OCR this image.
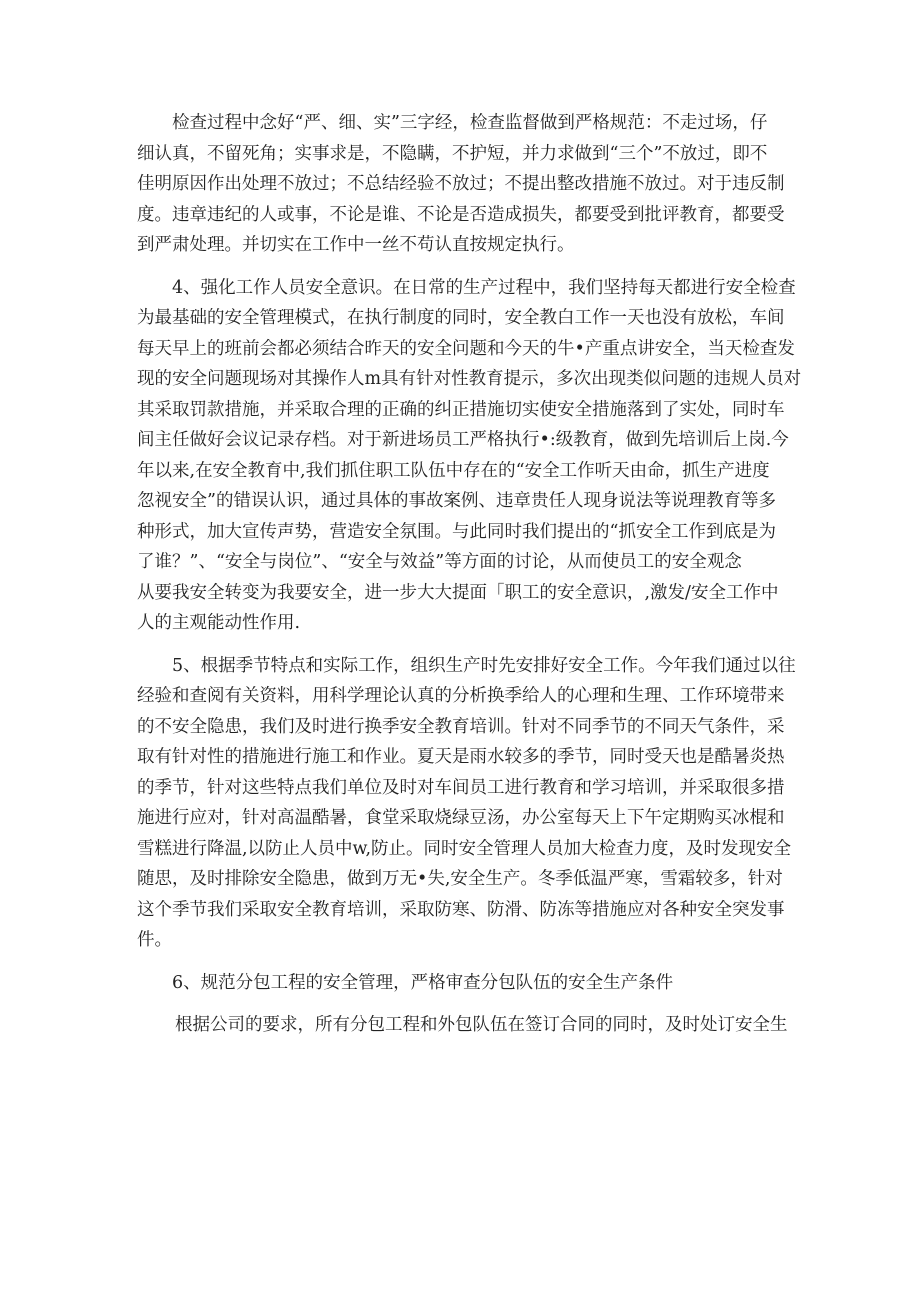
检查过程中念好“严、细、实”三字经，检查监督做到严格规范：不走过场，仔
细认真，不留死角；实事求是，不隐瞒，不护短，并力求做到“三个”不放过，即不
佳明原因作出处理不放过；不总结经验不放过；不提出整改措施不放过。对于违反制
度。违章违纪的人或事，不论是谁、不论是否造成损失，都要受到批评教育，都要受
到严肃处理。并切实在工作中一丝不苟认直按规定执行。
4、强化工作人员安全意识。在日常的生产过程中，我们坚持每天都进行安全检查
为最基础的安全管理模式，在执行制度的同时，安全教白工作一天也没有放松，车间
每天早上的班前会都必须结合昨天的安全问题和今天的牛•产重点讲安全，当天检查发
现的安全问题现场对其操作人m具有针对性教育提示，多次出现类似问题的违规人员对
其采取罚款措施，并采取合理的正确的纠正措施切实使安全措施落到了实处，同时车
间主任做好会议记录存档。对于新进场员工严格执行•:级教育，做到先培训后上岗.今
年以来,在安全教育中,我们抓住职工队伍中存在的“安全工作听天由命，抓生产进度
忽视安全”的错误认识，通过具体的事故案例、违章贵任人现身说法等说理教育等多
种形式，加大宣传声势，营造安全氛围。与此同时我们提出的“抓安全工作到底是为
了谁？”、“安全与岗位”、“安全与效益”等方面的讨论，从而使员工的安全观念
从要我安全转变为我要安全，进一步大大提面「职工的安全意识，,激发/安全工作中
人的主观能动性作用.
5、根据季节特点和实际工作，组织生产时先安排好安全工作。今年我们通过以往
经验和查阅有关资料，用科学理论认真的分析换季给人的心理和生理、工作环境带来
的不安全隐患，我们及时进行换季安全教育培训。针对不同季节的不同天气条件，采
取有针对性的措施进行施工和作业。夏天是雨水较多的季节，同时受天也是酷暑炎热
的季节，针对这些特点我们单位及时对车间员工进行教育和学习培训，并采取很多措
施进行应对，针对高温酷暑，食堂采取烧绿豆汤，办公室每天上下午定期购买冰棍和
雪糕进行降温,以防止人员中w,防止。同时安全管理人员加大检查力度，及时发现安全
随思，及时排除安全隐患，做到万无•失,安全生产。冬季低温严寒，雪霜较多，针对
这个季节我们采取安全教育培训，采取防寒、防滑、防冻等措施应对各种安全突发事
件。
6、规范分包工程的安全管理，严格审查分包队伍的安全生产条件
根据公司的要求，所有分包工程和外包队伍在签订合同的同时，及时处订安全生
